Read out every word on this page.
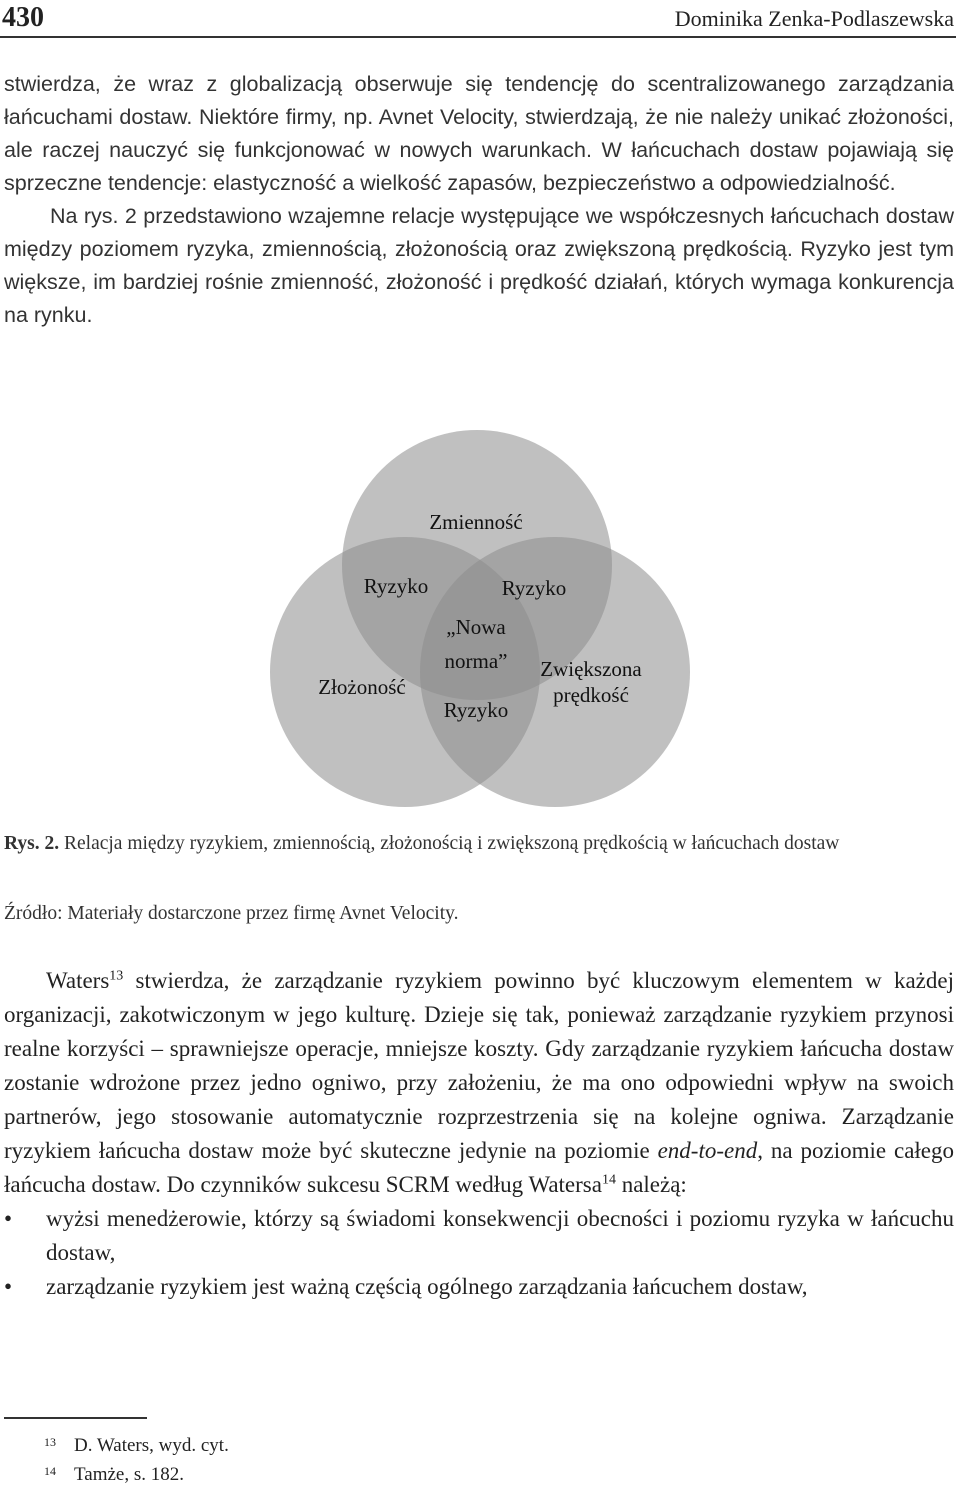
430	Dominika Zenka-Podlaszewska

stwierdza, że wraz z globalizacją obserwuje się tendencję do scentralizowanego zarządzania łańcuchami dostaw. Niektóre firmy, np. Avnet Velocity, stwierdzają, że nie należy unikać złożoności, ale raczej nauczyć się funkcjonować w nowych warunkach. W łańcuchach dostaw pojawiają się sprzeczne tendencje: elastyczność a wielkość zapasów, bezpieczeństwo a odpowiedzialność.

Na rys. 2 przedstawiono wzajemne relacje występujące we współczesnych łańcuchach dostaw między poziomem ryzyka, zmiennością, złożonością oraz zwiększoną prędkością. Ryzyko jest tym większe, im bardziej rośnie zmienność, złożoność i prędkość działań, których wymaga konkurencja na rynku.

Zmienność
Ryzyko	Ryzyko
„Nowa
norma”
Złożoność
Zwiększona
prędkość
Ryzyko
Rys. 2. Relacja między ryzykiem, zmiennością, złożonością i zwiększoną prędkością w łańcuchach dostaw
Źródło: Materiały dostarczone przez firmę Avnet Velocity.

Waters$^{13}$ stwierdza, że zarządzanie ryzykiem powinno być kluczowym elementem w każdej organizacji, zakotwiczonym w jego kulturę. Dzieje się tak, ponieważ zarządzanie ryzykiem przynosi realne korzyści – sprawniejsze operacje, mniejsze koszty. Gdy zarządzanie ryzykiem łańcucha dostaw zostanie wdrożone przez jedno ogniwo, przy założeniu, że ma ono odpowiedni wpływ na swoich partnerów, jego stosowanie automatycznie rozprzestrzenia się na kolejne ogniwa. Zarządzanie ryzykiem łańcucha dostaw może być skuteczne jedynie na poziomie end-to-end, na poziomie całego łańcucha dostaw. Do czynników sukcesu SCRM według Watersa$^{14}$ należą:

• wyżsi menedżerowie, którzy są świadomi konsekwencji obecności i poziomu ryzyka w łańcuchu dostaw,
• zarządzanie ryzykiem jest ważną częścią ogólnego zarządzania łańcuchem dostaw,
13 D. Waters, wyd. cyt.
14 Tamże, s. 182.
